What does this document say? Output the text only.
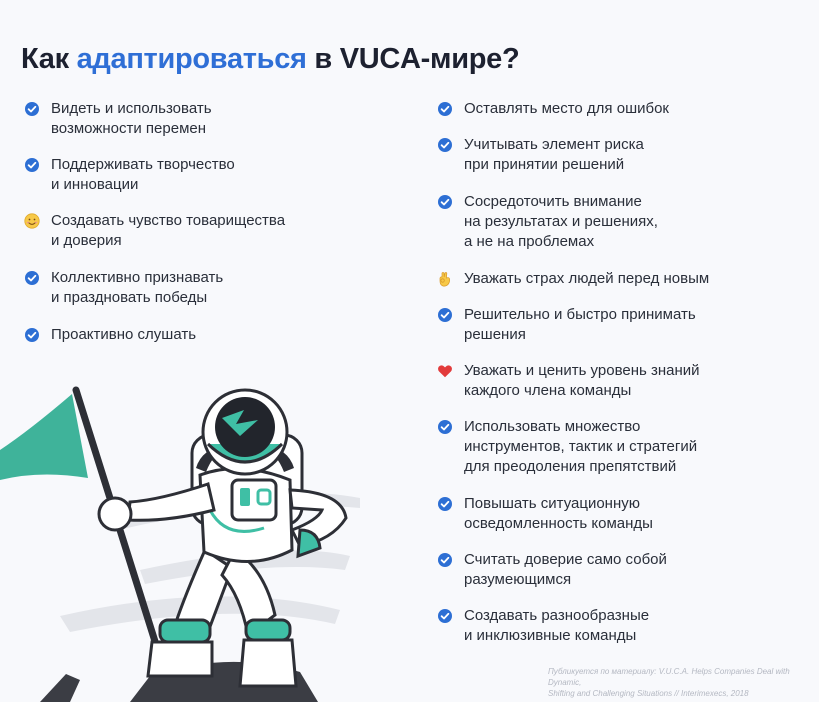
Как адаптироваться в VUCA-мире?
Видеть и использовать
возможности перемен
Поддерживать творчество
и инновации
Создавать чувство товарищества
и доверия
Коллективно признавать
и праздновать победы
Проактивно слушать
Оставлять место для ошибок
Учитывать элемент риска
при принятии решений
Сосредоточить внимание
на результатах и решениях,
а не на проблемах
Уважать страх людей перед новым
Решительно и быстро принимать
решения
Уважать и ценить уровень знаний
каждого члена команды
Использовать множество
инструментов, тактик и стратегий
для преодоления препятствий
Повышать ситуационную
осведомленность команды
Считать доверие само собой
разумеющимся
Создавать разнообразные
и инклюзивные команды
Публикуется по материалу: V.U.C.A. Helps Companies Deal with Dynamic,
Shifting and Challenging Situations // Interimexecs, 2018
